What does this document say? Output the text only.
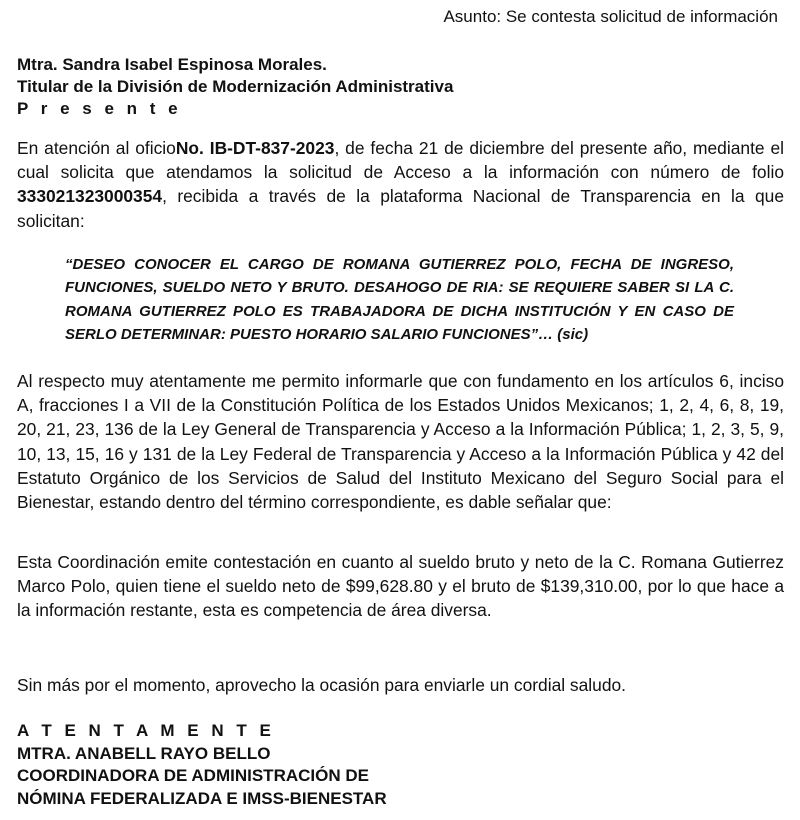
Asunto: Se contesta solicitud de información
Mtra. Sandra Isabel Espinosa Morales.
Titular de la División de Modernización Administrativa
P r e s e n t e
En atención al oficioNo. IB-DT-837-2023, de fecha 21 de diciembre del presente año, mediante el cual solicita que atendamos la solicitud de Acceso a la información con número de folio 333021323000354, recibida a través de la plataforma Nacional de Transparencia en la que solicitan:
“DESEO CONOCER EL CARGO DE ROMANA GUTIERREZ POLO, FECHA DE INGRESO, FUNCIONES, SUELDO NETO Y BRUTO. DESAHOGO DE RIA: SE REQUIERE SABER SI LA C. ROMANA GUTIERREZ POLO ES TRABAJADORA DE DICHA INSTITUCIÓN Y EN CASO DE SERLO DETERMINAR: PUESTO HORARIO SALARIO FUNCIONES”… (sic)
Al respecto muy atentamente me permito informarle que con fundamento en los artículos 6, inciso A, fracciones I a VII de la Constitución Política de los Estados Unidos Mexicanos; 1, 2, 4, 6, 8, 19, 20, 21, 23, 136 de la Ley General de Transparencia y Acceso a la Información Pública; 1, 2, 3, 5, 9, 10, 13, 15, 16 y 131 de la Ley Federal de Transparencia y Acceso a la Información Pública y 42 del Estatuto Orgánico de los Servicios de Salud del Instituto Mexicano del Seguro Social para el Bienestar, estando dentro del término correspondiente, es dable señalar que:
Esta Coordinación emite contestación en cuanto al sueldo bruto y neto de la C. Romana Gutierrez Marco Polo, quien tiene el sueldo neto de $99,628.80 y el bruto de $139,310.00, por lo que hace a la información restante, esta es competencia de área diversa.
Sin más por el momento, aprovecho la ocasión para enviarle un cordial saludo.
A T E N T A M E N T E
MTRA. ANABELL RAYO BELLO
COORDINADORA DE ADMINISTRACIÓN DE
NÓMINA FEDERALIZADA E IMSS-BIENESTAR
